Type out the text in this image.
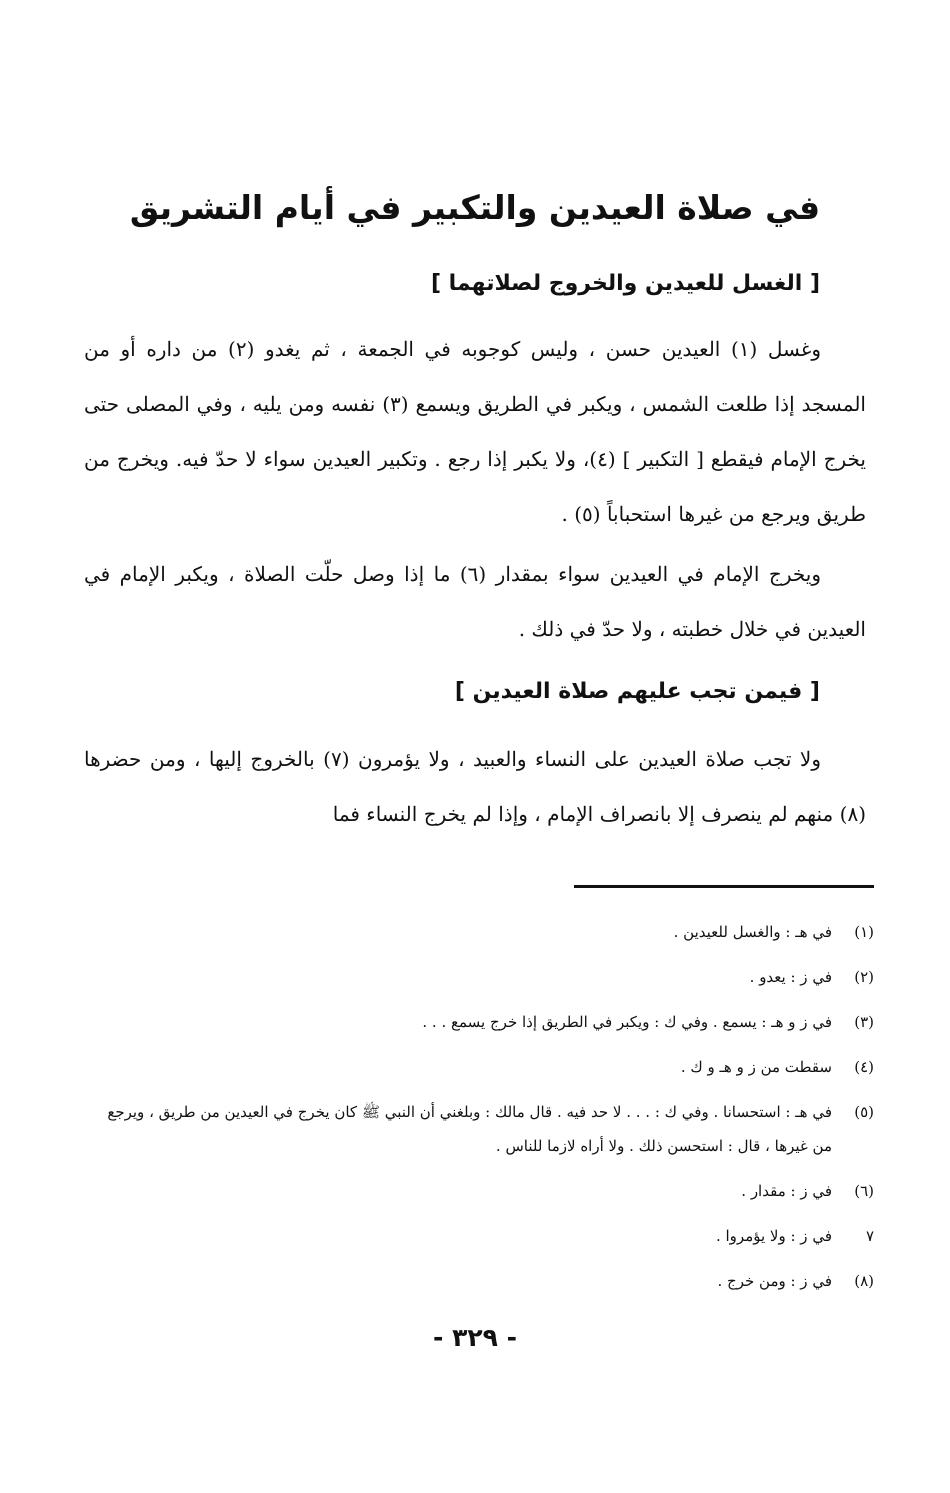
في صلاة العيدين والتكبير في أيام التشريق
[ الغسل للعيدين والخروج لصلاتهما ]

وغسل (١) العيدين حسن ، وليس كوجوبه في الجمعة ، ثم يغدو (٢) من داره أو من المسجد إذا طلعت الشمس ، ويكبر في الطريق ويسمع (٣) نفسه ومن يليه ، وفي المصلى حتى يخرج الإمام فيقطع [ التكبير ] (٤)، ولا يكبر إذا رجع . وتكبير العيدين سواء لا حدّ فيه. ويخرج من طريق ويرجع من غيرها استحباباً (٥) .

ويخرج الإمام في العيدين سواء بمقدار (٦) ما إذا وصل حلّت الصلاة ، ويكبر الإمام في العيدين في خلال خطبته ، ولا حدّ في ذلك .

[ فيمن تجب عليهم صلاة العيدين ]

ولا تجب صلاة العيدين على النساء والعبيد ، ولا يؤمرون (٧) بالخروج إليها ، ومن حضرها (٨) منهم لم ينصرف إلا بانصراف الإمام ، وإذا لم يخرج النساء فما

(١)
في هـ : والغسل للعيدين .
(٢)
في ز : يعدو .
(٣)
في ز و هـ : يسمع . وفي ك : ويكبر في الطريق إذا خرج يسمع . . .
(٤)
سقطت من ز و هـ و ك .
(٥)
في هـ : استحسانا . وفي ك : . . . لا حد فيه . قال مالك : وبلغني أن النبي ﷺ كان يخرج في العيدين من طريق ، ويرجع من غيرها ، قال : استحسن ذلك . ولا أراه لازما للناس .
(٦)
في ز : مقدار .
٧
في ز : ولا يؤمروا .
(٨)
في ز : ومن خرج .
- ٣٢٩ -
